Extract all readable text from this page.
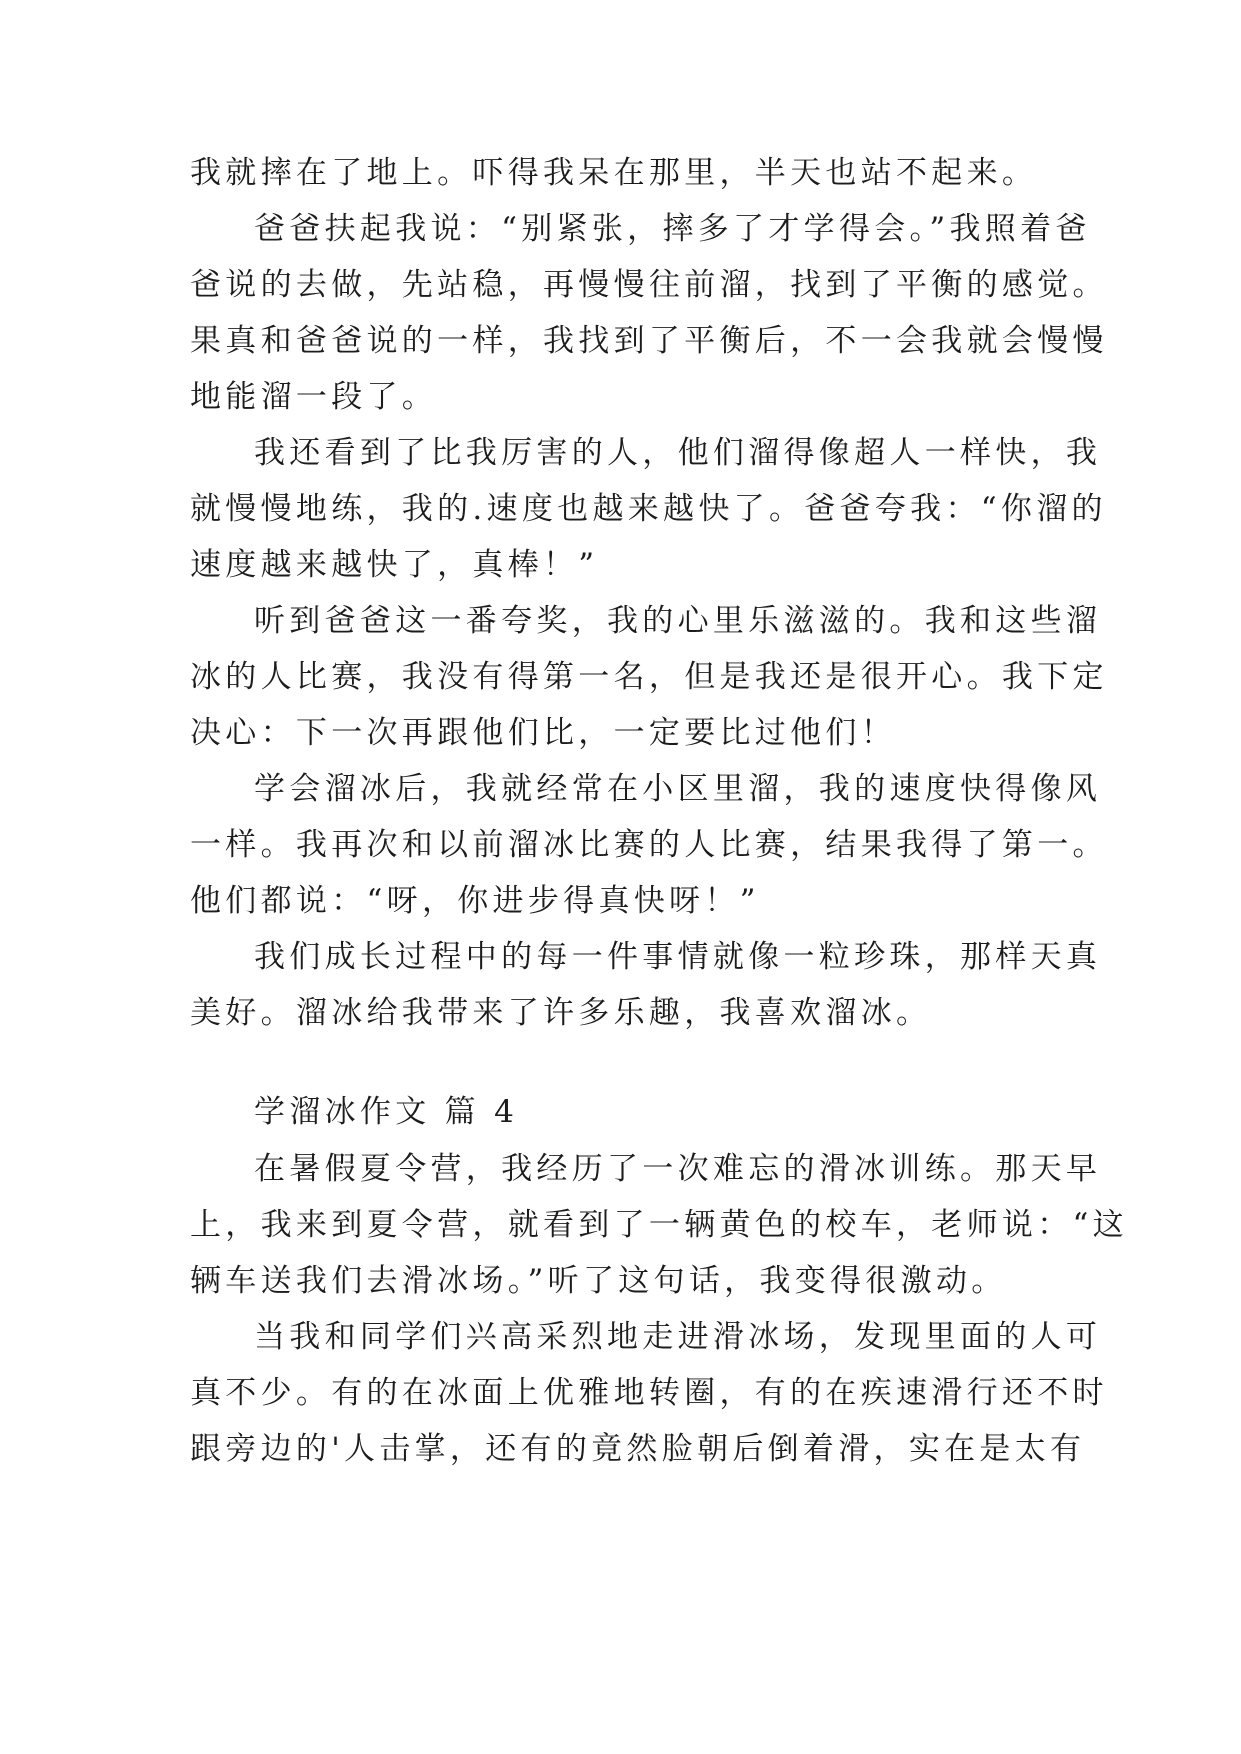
我就摔在了地上。吓得我呆在那里，半天也站不起来。
爸爸扶起我说：“别紧张，摔多了才学得会。”我照着爸
爸说的去做，先站稳，再慢慢往前溜，找到了平衡的感觉。
果真和爸爸说的一样，我找到了平衡后，不一会我就会慢慢
地能溜一段了。
我还看到了比我厉害的人，他们溜得像超人一样快，我
就慢慢地练，我的.速度也越来越快了。爸爸夸我：“你溜的
速度越来越快了，真棒！”
听到爸爸这一番夸奖，我的心里乐滋滋的。我和这些溜
冰的人比赛，我没有得第一名，但是我还是很开心。我下定
决心：下一次再跟他们比，一定要比过他们！
学会溜冰后，我就经常在小区里溜，我的速度快得像风
一样。我再次和以前溜冰比赛的人比赛，结果我得了第一。
他们都说：“呀，你进步得真快呀！”
我们成长过程中的每一件事情就像一粒珍珠，那样天真
美好。溜冰给我带来了许多乐趣，我喜欢溜冰。
学溜冰作文 篇 4
在暑假夏令营，我经历了一次难忘的滑冰训练。那天早
上，我来到夏令营，就看到了一辆黄色的校车，老师说：“这
辆车送我们去滑冰场。”听了这句话，我变得很激动。
当我和同学们兴高采烈地走进滑冰场，发现里面的人可
真不少。有的在冰面上优雅地转圈，有的在疾速滑行还不时
跟旁边的'人击掌，还有的竟然脸朝后倒着滑，实在是太有
